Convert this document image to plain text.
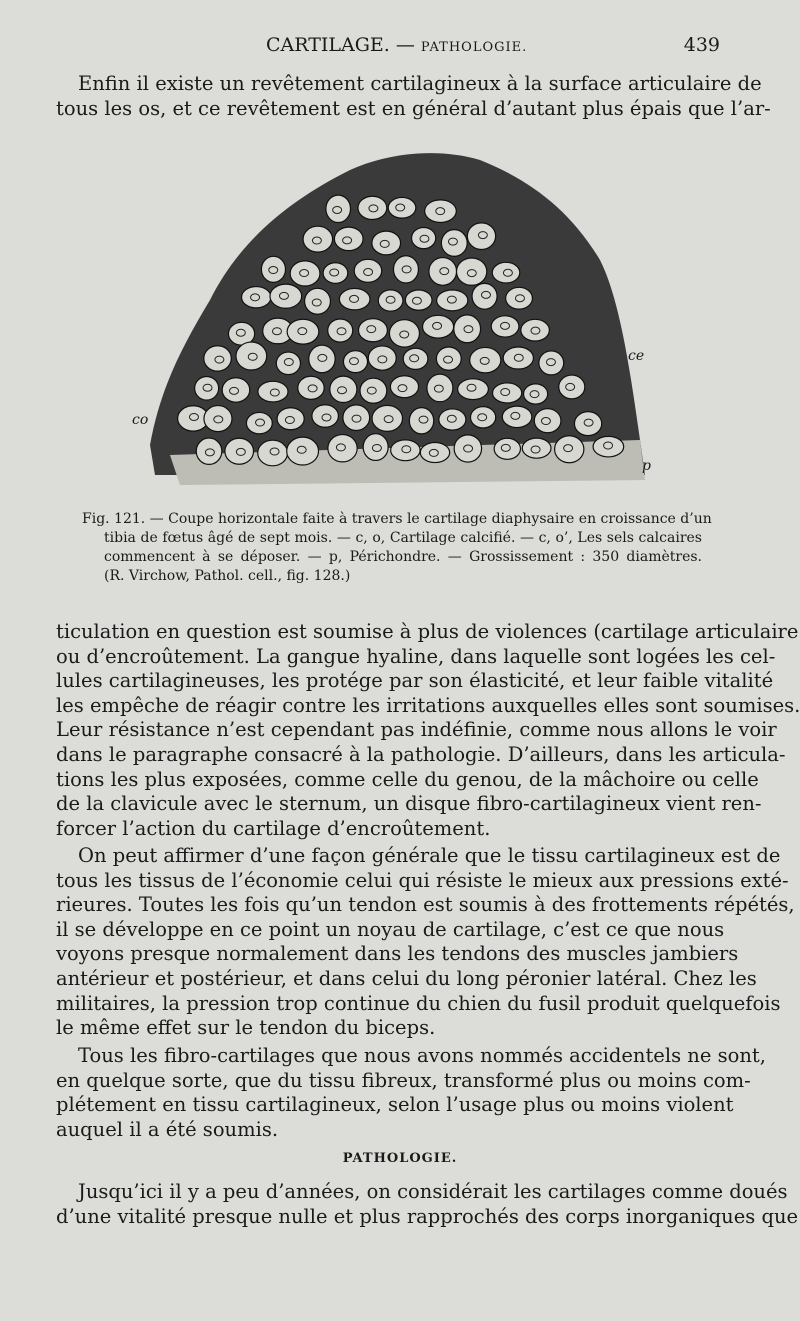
CARTILAGE. — PATHOLOGIE.	439

Enfin il existe un revêtement cartilagineux à la surface articulaire de
tous les os, et ce revêtement est en général d’autant plus épais que l’ar-

ce
co
p

Fig. 121. — Coupe horizontale faite à travers le cartilage diaphysaire en croissance d’un
tibia de fœtus âgé de sept mois. — c, o, Cartilage calcifié. — c, o’, Les sels calcaires
commencent à se déposer. — p, Périchondre. — Grossissement : 350 diamètres.
(R. Virchow, Pathol. cell., fig. 128.)

ticulation en question est soumise à plus de violences (cartilage articulaire
ou d’encroûtement. La gangue hyaline, dans laquelle sont logées les cel-
lules cartilagineuses, les protége par son élasticité, et leur faible vitalité
les empêche de réagir contre les irritations auxquelles elles sont soumises.
Leur résistance n’est cependant pas indéfinie, comme nous allons le voir
dans le paragraphe consacré à la pathologie. D’ailleurs, dans les articula-
tions les plus exposées, comme celle du genou, de la mâchoire ou celle
de la clavicule avec le sternum, un disque fibro-cartilagineux vient ren-
forcer l’action du cartilage d’encroûtement.

On peut affirmer d’une façon générale que le tissu cartilagineux est de
tous les tissus de l’économie celui qui résiste le mieux aux pressions exté-
rieures. Toutes les fois qu’un tendon est soumis à des frottements répétés,
il se développe en ce point un noyau de cartilage, c’est ce que nous
voyons presque normalement dans les tendons des muscles jambiers
antérieur et postérieur, et dans celui du long péronier latéral. Chez les
militaires, la pression trop continue du chien du fusil produit quelquefois
le même effet sur le tendon du biceps.

Tous les fibro-cartilages que nous avons nommés accidentels ne sont,
en quelque sorte, que du tissu fibreux, transformé plus ou moins com-
plétement en tissu cartilagineux, selon l’usage plus ou moins violent
auquel il a été soumis.

PATHOLOGIE.

Jusqu’ici il y a peu d’années, on considérait les cartilages comme doués
d’une vitalité presque nulle et plus rapprochés des corps inorganiques que
